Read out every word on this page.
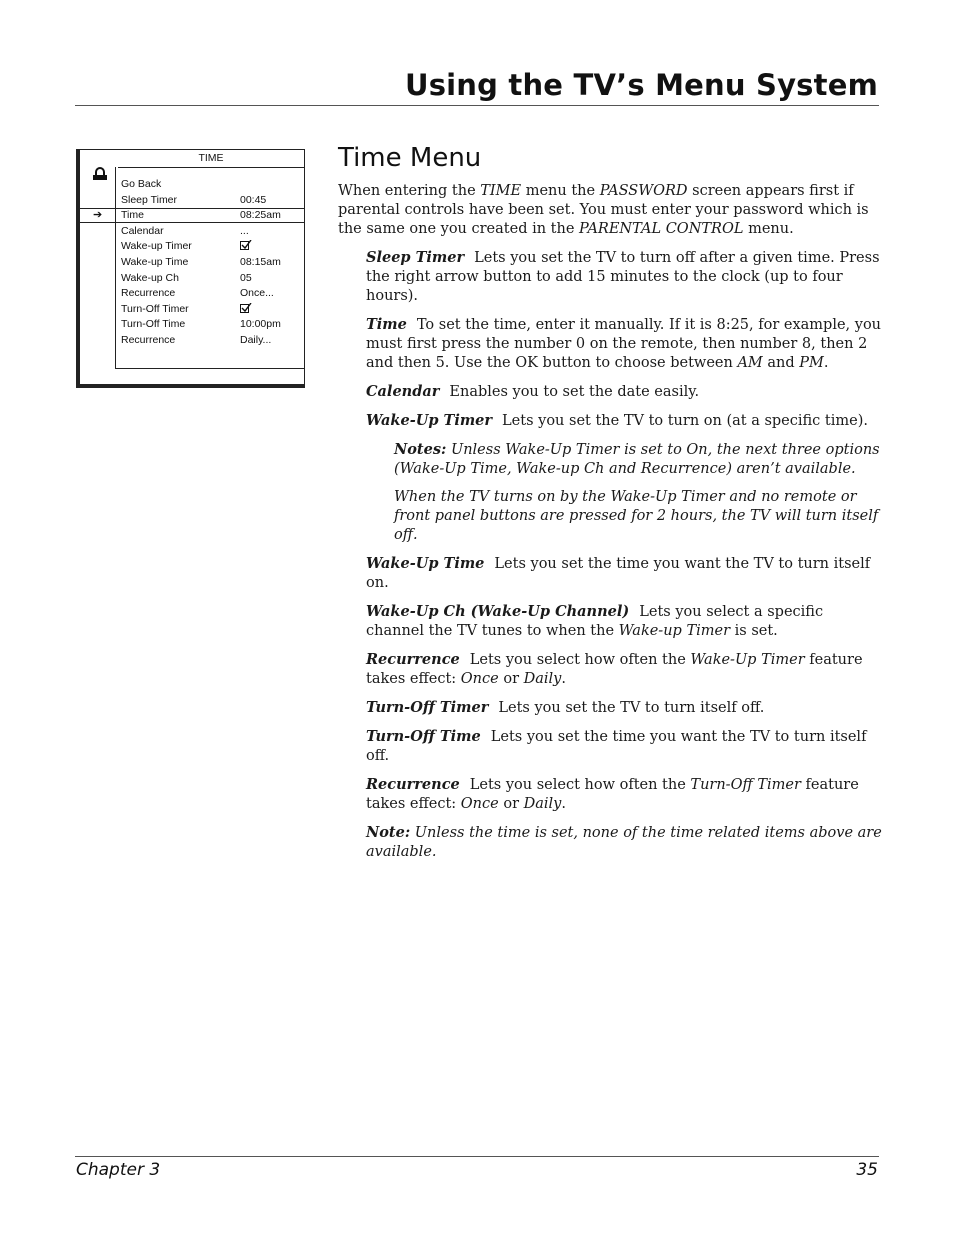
Using the TV’s Menu System
TIME
Go Back
Sleep Timer	00:45
➔ Time	08:25am
Calendar	...
Wake-up Timer
Wake-up Time	08:15am
Wake-up Ch	05
Recurrence	Once...
Turn-Off Timer
Turn-Off Time	10:00pm
Recurrence	Daily...
Time Menu

When entering the TIME menu the PASSWORD screen appears first if parental controls have been set. You must enter your password which is the same one you created in the PARENTAL CONTROL menu.

Sleep Timer Lets you set the TV to turn off after a given time. Press the right arrow button to add 15 minutes to the clock (up to four hours).

Time To set the time, enter it manually. If it is 8:25, for example, you must first press the number 0 on the remote, then number 8, then 2 and then 5. Use the OK button to choose between AM and PM.

Calendar Enables you to set the date easily.

Wake-Up Timer Lets you set the TV to turn on (at a specific time).

Notes: Unless Wake-Up Timer is set to On, the next three options (Wake-Up Time, Wake-up Ch and Recurrence) aren’t available.

When the TV turns on by the Wake-Up Timer and no remote or front panel buttons are pressed for 2 hours, the TV will turn itself off.

Wake-Up Time Lets you set the time you want the TV to turn itself on.

Wake-Up Ch (Wake-Up Channel) Lets you select a specific channel the TV tunes to when the Wake-up Timer is set.

Recurrence Lets you select how often the Wake-Up Timer feature takes effect: Once or Daily.

Turn-Off Timer Lets you set the TV to turn itself off.

Turn-Off Time Lets you set the time you want the TV to turn itself off.

Recurrence Lets you select how often the Turn-Off Timer feature takes effect: Once or Daily.

Note: Unless the time is set, none of the time related items above are available.

Chapter 3	35
